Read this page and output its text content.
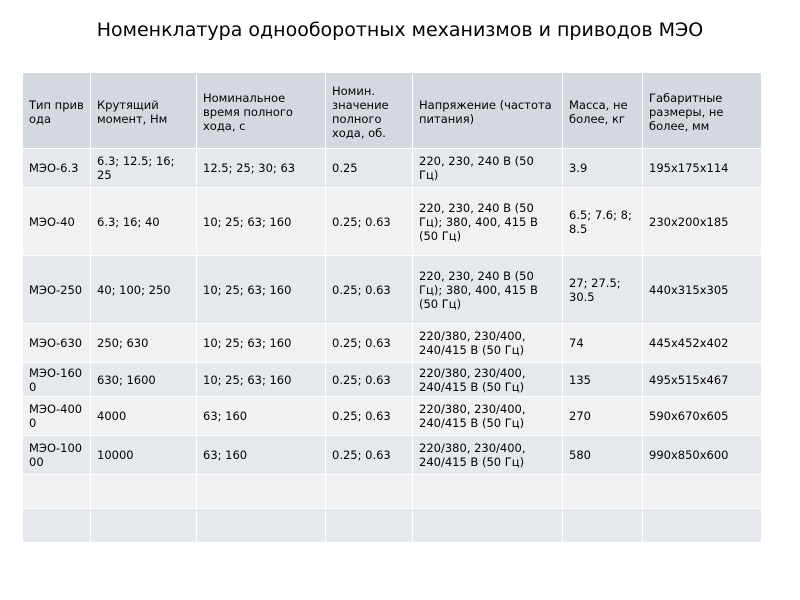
Номенклатура однооборотных механизмов и приводов МЭО
Тип привода	Крутящий момент, Нм	Номинальное время полного хода, с	Номин. значение полного хода, об.	Напряжение (частота питания)	Масса, не более, кг	Габаритные размеры, не более, мм
МЭО-6.3	6.3; 12.5; 16; 25	12.5; 25; 30; 63	0.25	220, 230, 240 В (50 Гц)	3.9	195х175х114
МЭО-40	6.3; 16; 40	10; 25; 63; 160	0.25; 0.63	220, 230, 240 В (50 Гц); 380, 400, 415 В (50 Гц)	6.5; 7.6; 8; 8.5	230х200х185
МЭО-250	40; 100; 250	10; 25; 63; 160	0.25; 0.63	220, 230, 240 В (50 Гц); 380, 400, 415 В (50 Гц)	27; 27.5; 30.5	440х315х305
МЭО-630	250; 630	10; 25; 63; 160	0.25; 0.63	220/380, 230/400, 240/415 В (50 Гц)	74	445х452х402
МЭО-1600	630; 1600	10; 25; 63; 160	0.25; 0.63	220/380, 230/400, 240/415 В (50 Гц)	135	495х515х467
МЭО-4000	4000	63; 160	0.25; 0.63	220/380, 230/400, 240/415 В (50 Гц)	270	590х670х605
МЭО-10000	10000	63; 160	0.25; 0.63	220/380, 230/400, 240/415 В (50 Гц)	580	990х850х600
